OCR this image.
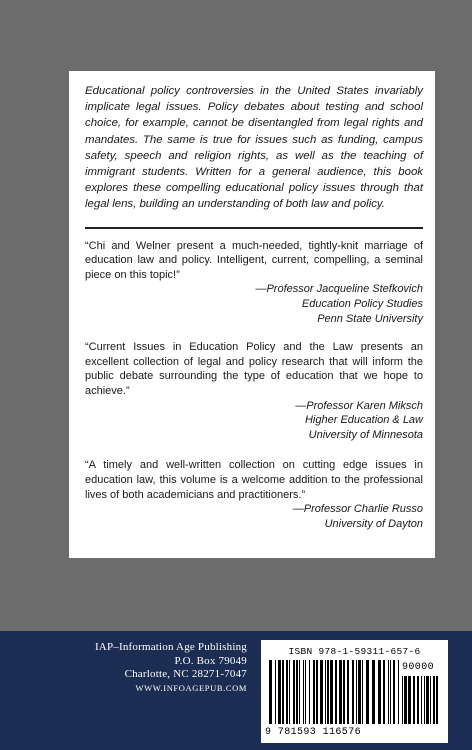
Educational policy controversies in the United States invariably implicate legal issues. Policy debates about testing and school choice, for example, cannot be disentangled from legal rights and mandates. The same is true for issues such as funding, campus safety, speech and religion rights, as well as the teaching of immigrant students. Written for a general audience, this book explores these compelling educational policy issues through that legal lens, building an understanding of both law and policy.

“Chi and Welner present a much-needed, tightly-knit marriage of education law and policy. Intelligent, current, compelling, a seminal piece on this topic!”

—Professor Jacqueline Stefkovich

Education Policy Studies

Penn State University

“Current Issues in Education Policy and the Law presents an excellent collection of legal and policy research that will inform the public debate surrounding the type of education that we hope to achieve.”

—Professor Karen Miksch

Higher Education & Law

University of Minnesota

“A timely and well-written collection on cutting edge issues in education law, this volume is a welcome addition to the professional lives of both academicians and practitioners.”

—Professor Charlie Russo

University of Dayton

IAP–Information Age Publishing
P.O. Box 79049
Charlotte, NC 28271-7047
WWW.INFOAGEPUB.COM
ISBN 978-1-59311-657-6
9 781593 116576
90000
